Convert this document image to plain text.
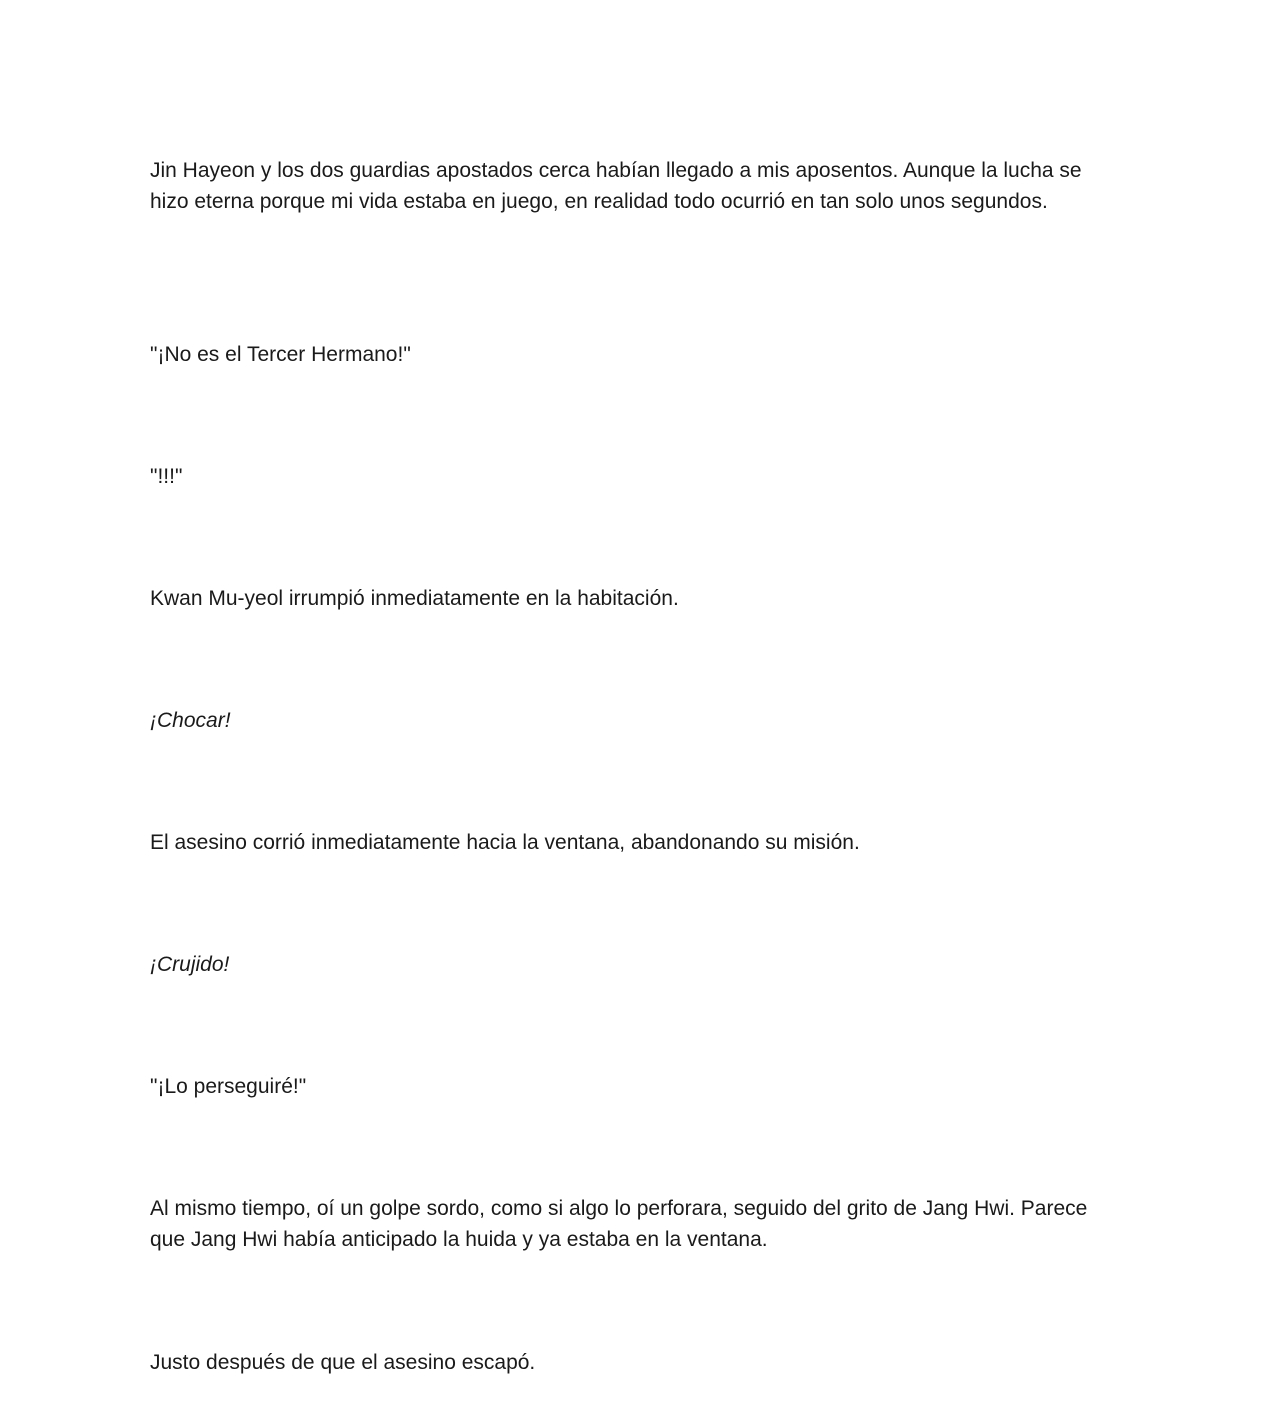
Jin Hayeon y los dos guardias apostados cerca habían llegado a mis aposentos. Aunque la lucha se hizo eterna porque mi vida estaba en juego, en realidad todo ocurrió en tan solo unos segundos.

"¡No es el Tercer Hermano!"

"!!!"

Kwan Mu-yeol irrumpió inmediatamente en la habitación.

¡Chocar!

El asesino corrió inmediatamente hacia la ventana, abandonando su misión.

¡Crujido!

"¡Lo perseguiré!"

Al mismo tiempo, oí un golpe sordo, como si algo lo perforara, seguido del grito de Jang Hwi. Parece que Jang Hwi había anticipado la huida y ya estaba en la ventana.

Justo después de que el asesino escapó.
